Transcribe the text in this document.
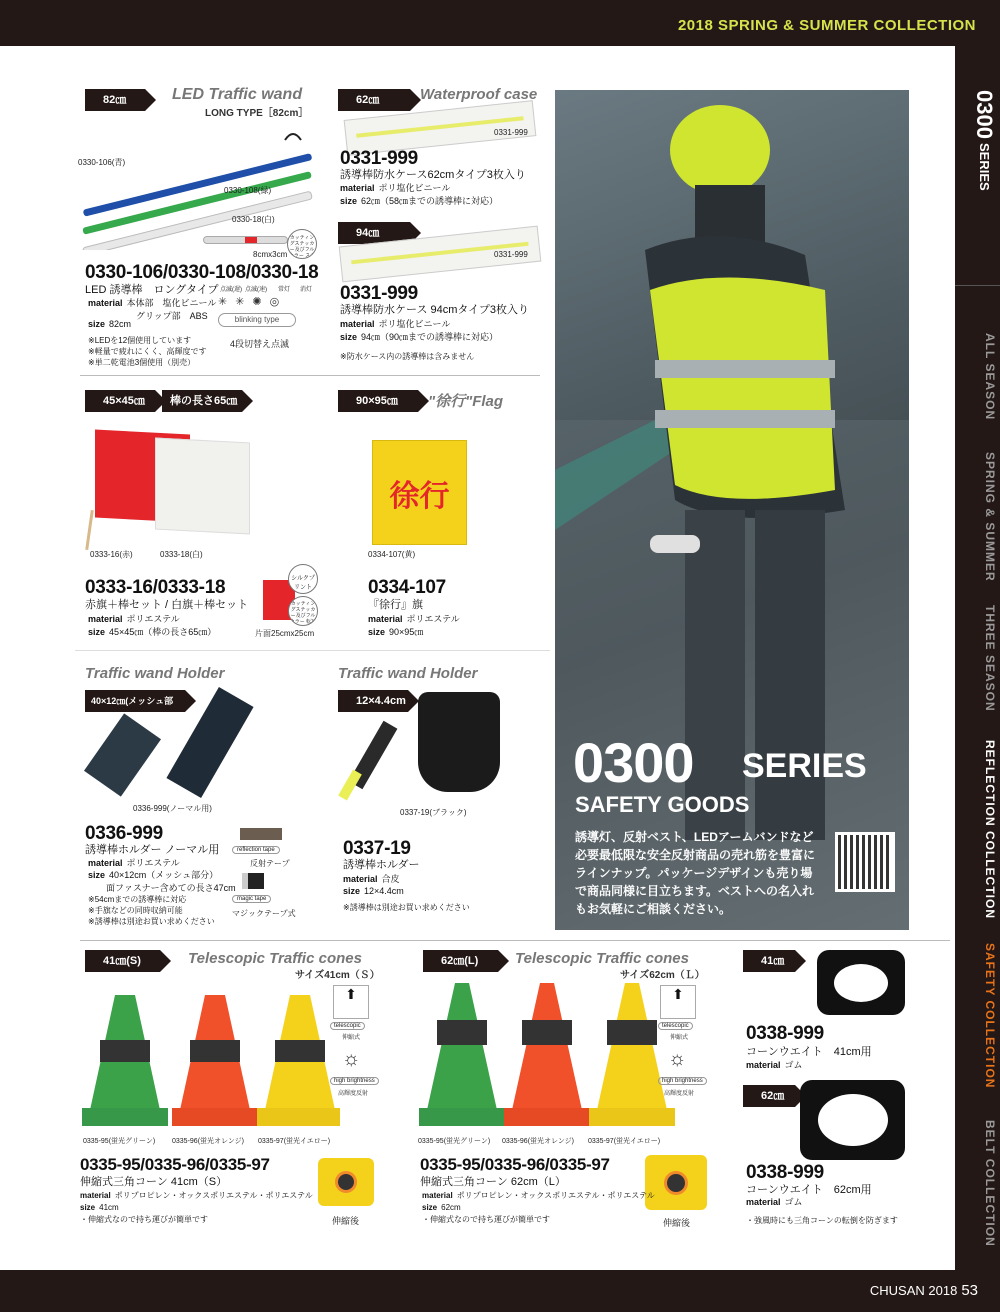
2018 SPRING & SUMMER COLLECTION
0300SERIES
ALL SEASON
SPRING & SUMMER
THREE SEASON
REFLECTION COLLECTION
SAFETY COLLECTION
BELT COLLECTION
82㎝	LED Traffic wand
LONG TYPE［82cm］
0330-106(青)
0330-108(緑)
0330-18(白)
8cmx3cm
カッティングステッカー及びフルカラー ステ
0330-106/0330-108/0330-18
LED 誘導棒　ロングタイプ
material 本体部　塩化ビニール
グリップ部　ABS
size 82cm
※LEDを12個使用しています
※軽量で疲れにくく、高輝度です
※単二乾電池3個使用（別売）
点滅(遅) 点滅(速) 常灯 消灯
✳✳✺◎
blinking type
4段切替え点滅
62㎝	Waterproof case
0331-999
0331-999
誘導棒防水ケース62cmタイプ3枚入り
material ポリ塩化ビニール
size 62㎝（58㎝までの誘導棒に対応）
94㎝
0331-999
0331-999
誘導棒防水ケース 94cmタイプ3枚入り
material ポリ塩化ビニール
size 94㎝（90㎝までの誘導棒に対応）
※防水ケース内の誘導棒は含みません
45×45㎝	棒の長さ65㎝
0333-16(赤)	0333-18(白)
シルクプリント
カッティングステッカー及びフルカラー 転写
片面25cmx25cm
0333-16/0333-18
赤旗＋棒セット / 白旗＋棒セット
material ポリエステル
size 45×45㎝（棒の長さ65㎝）
90×95㎝	"徐行"Flag
徐行
0334-107(黄)
0334-107
『徐行』旗
material ポリエステル
size 90×95㎝
Traffic wand Holder
40×12㎝(メッシュ部分)
0336-999(ノーマル用)
0336-999
誘導棒ホルダー ノーマル用
material ポリエステル
size 40×12cm（メッシュ部分）
面ファスナー含めての長さ47cm
※54cmまでの誘導棒に対応
※手旗などの同時収納可能
※誘導棒は別途お買い求めください
reflection tape
反射テープ
magic tape
マジックテープ式
Traffic wand Holder
12×4.4cm
0337-19(ブラック)
0337-19
誘導棒ホルダー
material 合皮
size 12×4.4cm
※誘導棒は別途お買い求めください
0300 SERIES
SAFETY GOODS
誘導灯、反射ベスト、LEDアームバンドなど必要最低限な安全反射商品の売れ筋を豊富にラインナップ。パッケージデザインも売り場で商品同様に目立ちます。ベストへの名入れもお気軽にご相談ください。
41㎝(S)	Telescopic Traffic cones
サイズ41cm（Ｓ）
0335-95(蛍光グリーン) 0335-96(蛍光オレンジ) 0335-97(蛍光イエロー)
⬆
telescopic
伸縮式
☼
high brightness
高輝度反射
伸縮後
0335-95/0335-96/0335-97
伸縮式三角コーン 41cm（S）
material ポリプロピレン・オックスポリエステル・ポリエステル
size 41cm
・伸縮式なので持ち運びが簡単です
62㎝(L)	Telescopic Traffic cones
サイズ62cm（Ｌ）
0335-95(蛍光グリーン) 0335-96(蛍光オレンジ) 0335-97(蛍光イエロー)
⬆
telescopic
伸縮式
☼
high brightness
高輝度反射
伸縮後
0335-95/0335-96/0335-97
伸縮式三角コーン 62cm（L）
material ポリプロピレン・オックスポリエステル・ポリエステル
size 62cm
・伸縮式なので持ち運びが簡単です
41㎝
0338-999
コーンウエイト　41cm用
material ゴム
62㎝
0338-999
コーンウエイト　62cm用
material ゴム
・強風時にも三角コーンの転倒を防ぎます
CHUSAN 2018 53
